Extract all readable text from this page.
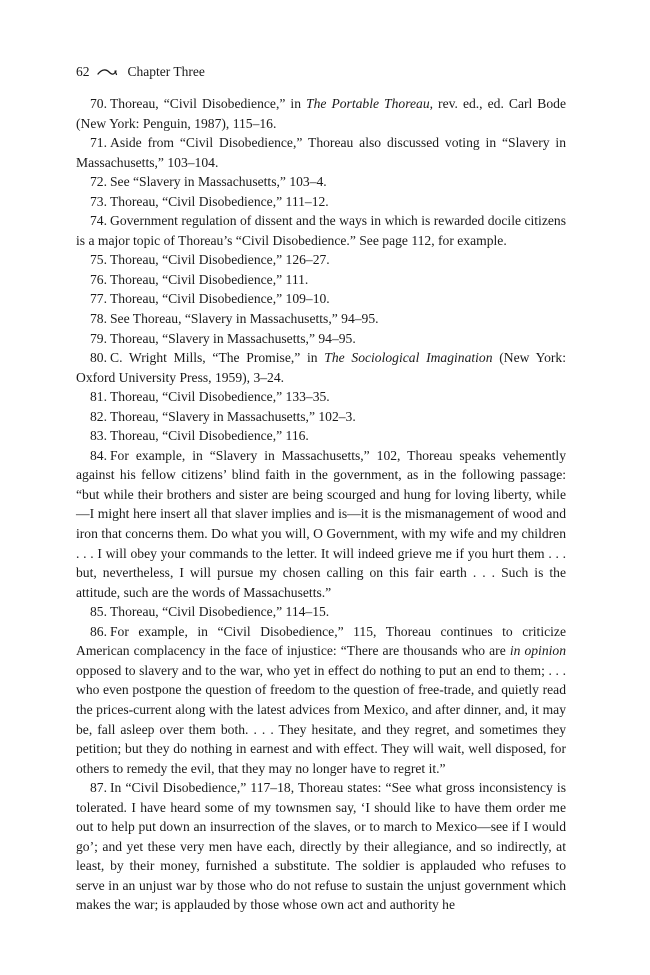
62	Chapter Three

70. Thoreau, “Civil Disobedience,” in The Portable Thoreau, rev. ed., ed. Carl Bode (New York: Penguin, 1987), 115–16.

71. Aside from “Civil Disobedience,” Thoreau also discussed voting in “Slavery in Massachusetts,” 103–104.

72. See “Slavery in Massachusetts,” 103–4.

73. Thoreau, “Civil Disobedience,” 111–12.

74. Government regulation of dissent and the ways in which is rewarded docile citizens is a major topic of Thoreau’s “Civil Disobedience.” See page 112, for example.

75. Thoreau, “Civil Disobedience,” 126–27.

76. Thoreau, “Civil Disobedience,” 111.

77. Thoreau, “Civil Disobedience,” 109–10.

78. See Thoreau, “Slavery in Massachusetts,” 94–95.

79. Thoreau, “Slavery in Massachusetts,” 94–95.

80. C. Wright Mills, “The Promise,” in The Sociological Imagination (New York: Oxford University Press, 1959), 3–24.

81. Thoreau, “Civil Disobedience,” 133–35.

82. Thoreau, “Slavery in Massachusetts,” 102–3.

83. Thoreau, “Civil Disobedience,” 116.

84. For example, in “Slavery in Massachusetts,” 102, Thoreau speaks vehemently against his fellow citizens’ blind faith in the government, as in the following passage: “but while their brothers and sister are being scourged and hung for loving liberty, while—I might here insert all that slaver implies and is—it is the mismanagement of wood and iron that concerns them. Do what you will, O Government, with my wife and my children . . . I will obey your commands to the letter. It will indeed grieve me if you hurt them . . . but, nevertheless, I will pursue my chosen calling on this fair earth . . . Such is the attitude, such are the words of Massachusetts.”

85. Thoreau, “Civil Disobedience,” 114–15.

86. For example, in “Civil Disobedience,” 115, Thoreau continues to criticize American complacency in the face of injustice: “There are thousands who are in opinion opposed to slavery and to the war, who yet in effect do nothing to put an end to them; . . . who even postpone the question of freedom to the question of free-trade, and quietly read the prices-current along with the latest advices from Mexico, and after dinner, and, it may be, fall asleep over them both. . . . They hesitate, and they regret, and sometimes they petition; but they do nothing in earnest and with effect. They will wait, well disposed, for others to remedy the evil, that they may no longer have to regret it.”

87. In “Civil Disobedience,” 117–18, Thoreau states: “See what gross inconsistency is tolerated. I have heard some of my townsmen say, ‘I should like to have them order me out to help put down an insurrection of the slaves, or to march to Mexico—see if I would go’; and yet these very men have each, directly by their allegiance, and so indirectly, at least, by their money, furnished a substitute. The soldier is applauded who refuses to serve in an unjust war by those who do not refuse to sustain the unjust government which makes the war; is applauded by those whose own act and authority he
